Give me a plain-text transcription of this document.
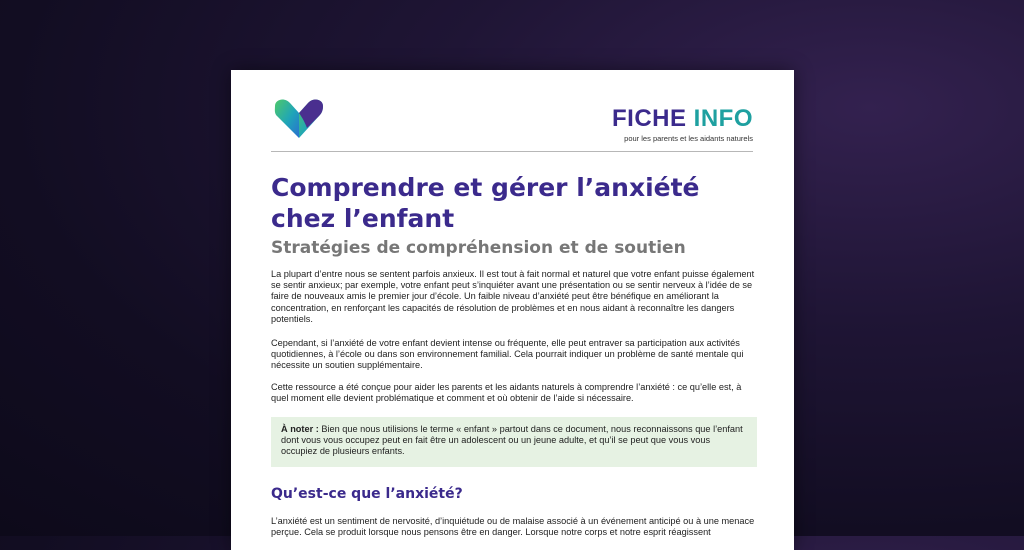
FICHE INFO
pour les parents et les aidants naturels
Comprendre et gérer l’anxiété chez l’enfant
Stratégies de compréhension et de soutien

La plupart d’entre nous se sentent parfois anxieux. Il est tout à fait normal et naturel que votre enfant puisse également se sentir anxieux; par exemple, votre enfant peut s’inquiéter avant une présentation ou se sentir nerveux à l’idée de se faire de nouveaux amis le premier jour d’école. Un faible niveau d’anxiété peut être bénéfique en améliorant la concentration, en renforçant les capacités de résolution de problèmes et en nous aidant à reconnaître les dangers potentiels.

Cependant, si l’anxiété de votre enfant devient intense ou fréquente, elle peut entraver sa participation aux activités quotidiennes, à l’école ou dans son environnement familial. Cela pourrait indiquer un problème de santé mentale qui nécessite un soutien supplémentaire.

Cette ressource a été conçue pour aider les parents et les aidants naturels à comprendre l’anxiété : ce qu’elle est, à quel moment elle devient problématique et comment et où obtenir de l’aide si nécessaire.

À noter : Bien que nous utilisions le terme « enfant » partout dans ce document, nous reconnaissons que l’enfant dont vous vous occupez peut en fait être un adolescent ou un jeune adulte, et qu’il se peut que vous vous occupiez de plusieurs enfants.
Qu’est-ce que l’anxiété?

L’anxiété est un sentiment de nervosité, d’inquiétude ou de malaise associé à un événement anticipé ou à une menace perçue. Cela se produit lorsque nous pensons être en danger. Lorsque notre corps et notre esprit réagissent
